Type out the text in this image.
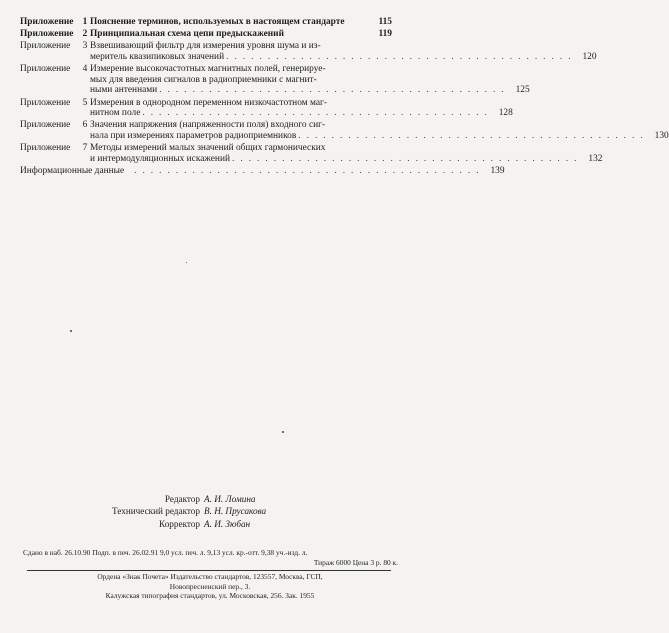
Приложение 1 Пояснение терминов, используемых в настоящем стандарте	115
Приложение 2 Принципиальная схема цепи предыскажений	119
Приложение	3 Взвешивающий фильтр для измерения уровня шума и из-
меритель квазипиковых значений .......................................... 120
Приложение	4 Измерение высокочастотных магнитных полей, генерируе-
мых для введения сигналов в радиоприемники с магнит-
ными антеннами .......................................... 125
Приложение	5 Измерения в однородном переменном низкочастотном маг-
нитном поле .......................................... 128
Приложение	6 Значения напряжения (напряженности поля) входного сиг-
нала при измерениях параметров радиоприемников .......................................... 130
Приложение	7 Методы измерений малых значений общих гармонических
и интермодуляционных искажений .......................................... 132
Информационные данные .......................................... 139
Редактор А. И. Ломина
Технический редактор В. Н. Прусакова
Корректор А. И. Зюбан
Сдано в наб. 26.10.90 Подп. в печ. 26.02.91 9,0 усл. печ. л. 9,13 усл. кр.-отт. 9,38 уч.-изд. л.
Тираж 6000 Цена 3 р. 80 к.
Ордена «Знак Почета» Издательство стандартов, 123557, Москва, ГСП,
Новопресненский пер., 3.
Калужская типография стандартов, ул. Московская, 256. Зак. 1955
